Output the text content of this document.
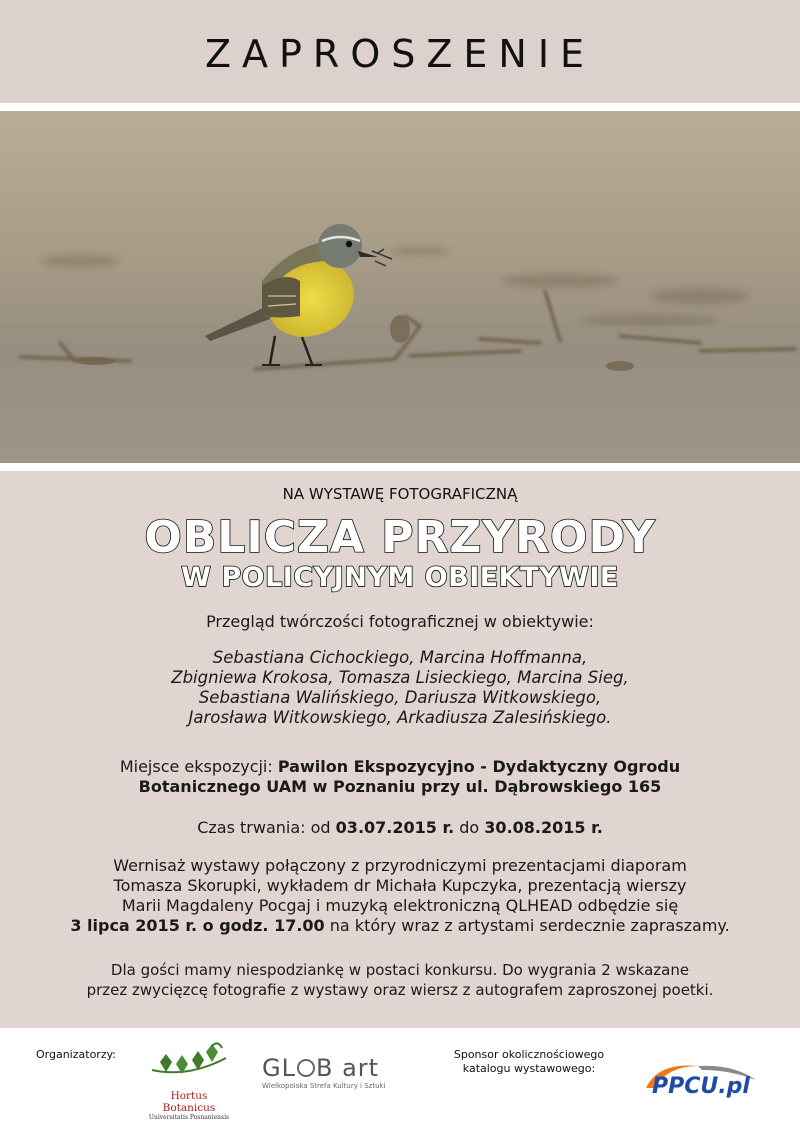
ZAPROSZENIE
NA WYSTAWĘ FOTOGRAFICZNĄ
OBLICZA PRZYRODY
W POLICYJNYM OBIEKTYWIE
Przegląd twórczości fotograficznej w obiektywie:
Sebastiana Cichockiego, Marcina Hoffmanna,
Zbigniewa Krokosa, Tomasza Lisieckiego, Marcina Sieg,
Sebastiana Walińskiego, Dariusza Witkowskiego,
Jarosława Witkowskiego, Arkadiusza Zalesińskiego.
Miejsce ekspozycji: Pawilon Ekspozycyjno - Dydaktyczny Ogrodu
Botanicznego UAM w Poznaniu przy ul. Dąbrowskiego 165
Czas trwania: od 03.07.2015 r. do 30.08.2015 r.
Wernisaż wystawy połączony z przyrodniczymi prezentacjami diaporam
Tomasza Skorupki, wykładem dr Michała Kupczyka, prezentacją wierszy
Marii Magdaleny Pocgaj i muzyką elektroniczną QLHEAD odbędzie się
3 lipca 2015 r. o godz. 17.00 na który wraz z artystami serdecznie zapraszamy.
Dla gości mamy niespodziankę w postaci konkursu. Do wygrania 2 wskazane
przez zwycięzcę fotografie z wystawy oraz wiersz z autografem zaproszonej poetki.
Organizatorzy:
Hortus Botanicus
Universitatis Posnaniensis
GL B art
Wielkopolska Strefa Kultury i Sztuki
Sponsor okolicznościowego
katalogu wystawowego:
PPCU.pl
